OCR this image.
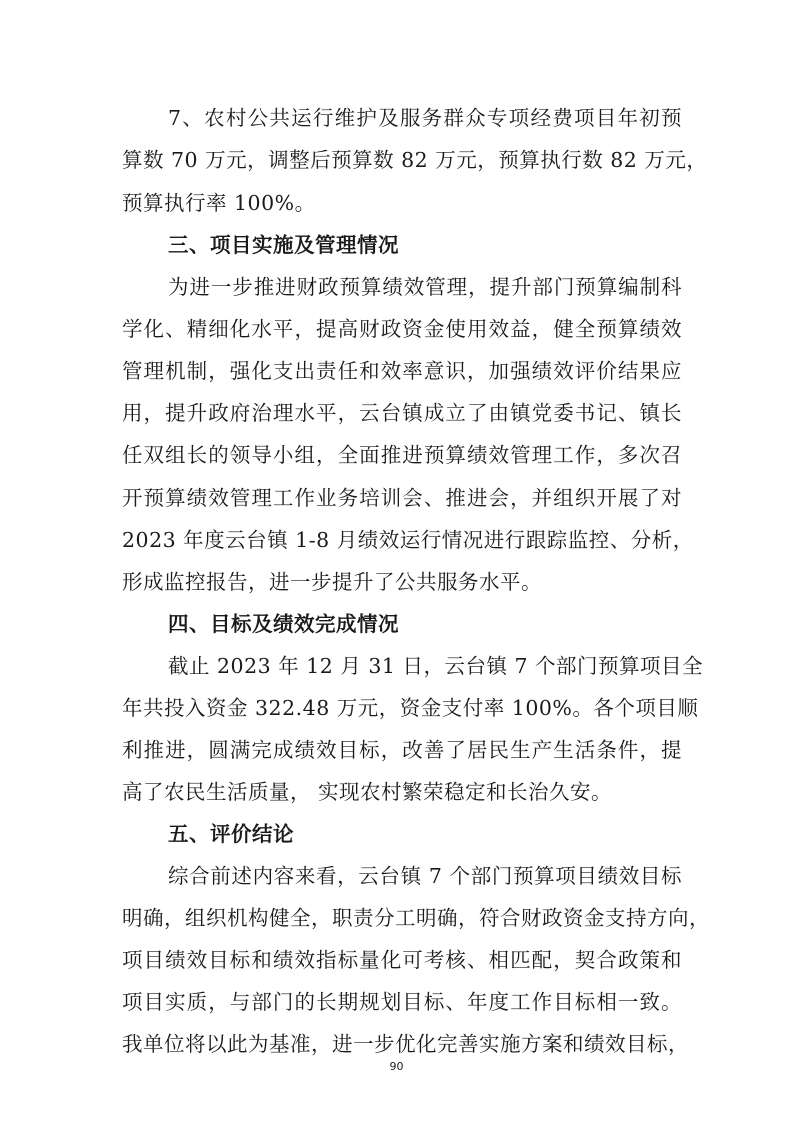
7、农村公共运行维护及服务群众专项经费项目年初预
算数 70 万元，调整后预算数 82 万元，预算执行数 82 万元，
预算执行率 100%。
三、项目实施及管理情况
为进一步推进财政预算绩效管理，提升部门预算编制科
学化、精细化水平，提高财政资金使用效益，健全预算绩效
管理机制，强化支出责任和效率意识，加强绩效评价结果应
用，提升政府治理水平，云台镇成立了由镇党委书记、镇长
任双组长的领导小组，全面推进预算绩效管理工作，多次召
开预算绩效管理工作业务培训会、推进会，并组织开展了对
2023 年度云台镇 1-8 月绩效运行情况进行跟踪监控、分析，
形成监控报告，进一步提升了公共服务水平。
四、目标及绩效完成情况
截止 2023 年 12 月 31 日，云台镇 7 个部门预算项目全
年共投入资金 322.48 万元，资金支付率 100%。各个项目顺
利推进，圆满完成绩效目标，改善了居民生产生活条件，提
高了农民生活质量， 实现农村繁荣稳定和长治久安。
五、评价结论
综合前述内容来看，云台镇 7 个部门预算项目绩效目标
明确，组织机构健全，职责分工明确，符合财政资金支持方向，
项目绩效目标和绩效指标量化可考核、相匹配，契合政策和
项目实质，与部门的长期规划目标、年度工作目标相一致。
我单位将以此为基准，进一步优化完善实施方案和绩效目标，
90
